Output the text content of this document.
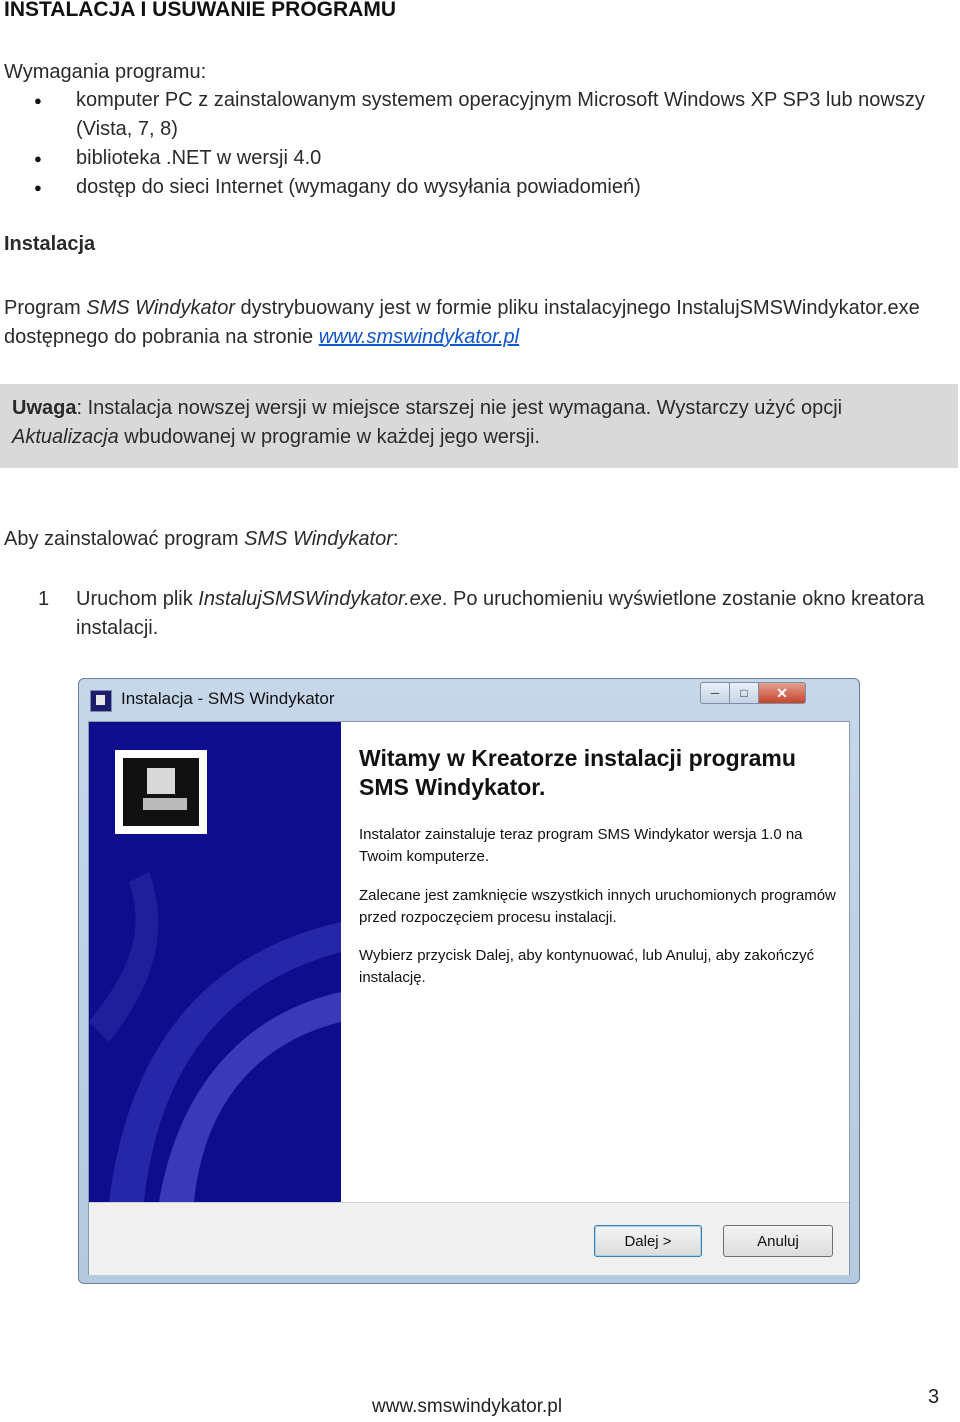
INSTALACJA I USUWANIE PROGRAMU
Wymagania programu:
● komputer PC z zainstalowanym systemem operacyjnym Microsoft Windows XP SP3 lub nowszy (Vista, 7, 8)
● biblioteka .NET w wersji 4.0
● dostęp do sieci Internet (wymagany do wysyłania powiadomień)
Instalacja
Program SMS Windykator dystrybuowany jest w formie pliku instalacyjnego InstalujSMSWindykator.exe dostępnego do pobrania na stronie www.smswindykator.pl
Uwaga: Instalacja nowszej wersji w miejsce starszej nie jest wymagana. Wystarczy użyć opcji Aktualizacja wbudowanej w programie w każdej jego wersji.
Aby zainstalować program SMS Windykator:
1 Uruchom plik InstalujSMSWindykator.exe. Po uruchomieniu wyświetlone zostanie okno kreatora instalacji.
Instalacja - SMS Windykator	─	□	✕
Witamy w Kreatorze instalacji programu SMS Windykator.
Instalator zainstaluje teraz program SMS Windykator wersja 1.0 na Twoim komputerze.
Zalecane jest zamknięcie wszystkich innych uruchomionych programów przed rozpoczęciem procesu instalacji.
Wybierz przycisk Dalej, aby kontynuować, lub Anuluj, aby zakończyć instalację.
Dalej >	Anuluj
www.smswindykator.pl	3
